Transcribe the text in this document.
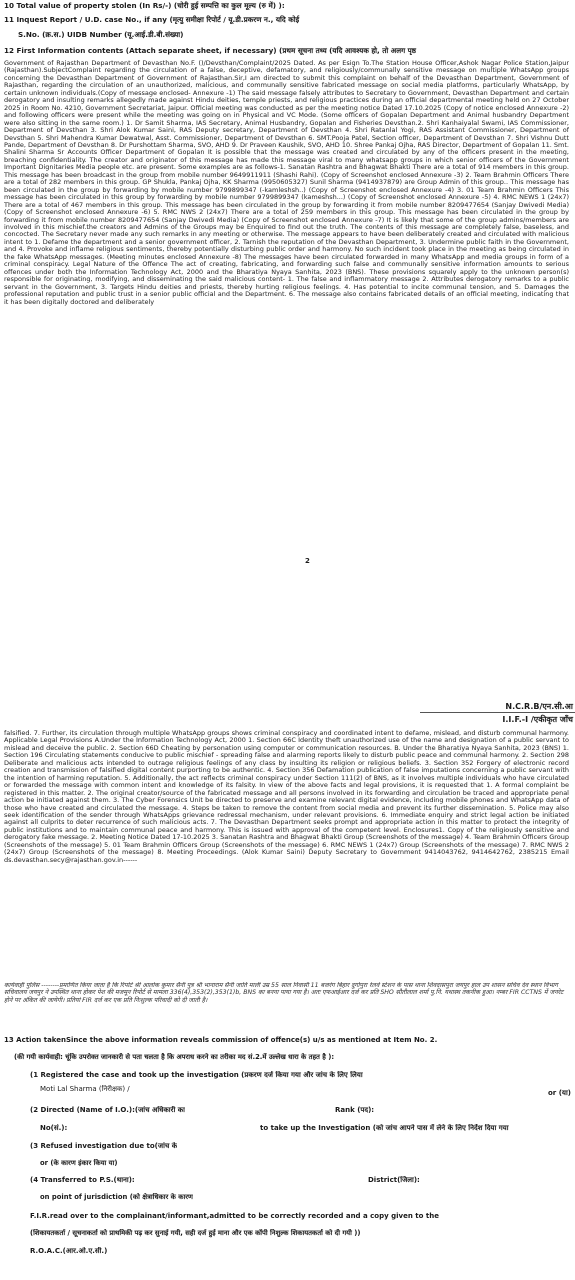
10 Total value of property stolen (In Rs/-) (चोरी हुई सम्पत्ति का कुल मूल्य (रु में) ):
11 Inquest Report / U.D. case No., if any (मृत्यु समीक्षा रिपोर्ट / यू.डी.प्रकरण न., यदि कोई
S.No. (क्र.स.) UIDB Number (यू.आई.डी.बी.संख्या)
12 First Information contents (Attach separate sheet, if necessary) (प्रथम सूचना तथ्य (यदि आवश्यक हो, तो अलग पृष्ठ

Government of Rajasthan Department of Devasthan No.F. ()/Devsthan/Complaint/2025 Dated. As per Esign To.The Station House Officer,Ashok Nagar Police Station,Jaipur (Rajasthan).SubjectComplaint regarding the circulation of a false, deceptive, defamatory, and religiously/communally sensitive message on multiple WhatsApp groups concerning the Devasthan Department of Government of Rajasthan.Sir,I am directed to submit this complaint on behalf of the Devasthan Department, Government of Rajasthan, regarding the circulation of an unauthorized, malicious, and communally sensitive fabricated message on social media platforms, particularly WhatsApp, by certain unknown individuals.(Copy of message enclosed- Annexure -1) The said message falsely attributes to Secretary to Government, Devasthan Department and certain derogatory and insulting remarks allegedly made against Hindu deities, temple priests, and religious practices during an official departmental meeting held on 27 October 2025 in Room No. 4210, Government Secretariat, Jaipur. Official meeting was conducted as per the meeting notice Dated 17.10.2025 (Copy of notice enclosed Annexure -2) and following officers were present while the meeting was going on in Physical and VC Mode. (Some officers of Gopalan Department and Animal husbandry Department were also sitting in the same room.) 1. Dr Samit Sharma, IAS Secretary, Animal Husbandry, Gopalan and Fisheries Devsthan.2. Shri Kanhaiyalal Swami, IAS Commissioner, Department of Devsthan 3. Shri Alok Kumar Saini, RAS Deputy secretary, Department of Devsthan 4. Shri Ratanlal Yogi, RAS Assistant Commissioner, Department of Devsthan 5. Shri Mahendra Kumar Dewatwal, Asst. Commissioner, Department of Devsthan 6. SMT.Pooja Patel, Section officer, Department of Devsthan 7. Shri Vishnu Dutt Pande, Department of Devsthan 8. Dr Purshottam Sharma, SVO, AHD 9. Dr Praveen Kaushik, SVO, AHD 10. Shree Pankaj Ojha, RAS Director, Department of Gopalan 11. Smt. Shalini Sharma Sr Accounts Officer Department of Gopalan It is possible that the message was created and circulated by any of the officers present in the meeting, breaching confidentiality. The creator and originator of this message has made this message viral to many whatsapp groups in which senior officers of the Government Important Dignitaries Media people etc. are present. Some examples are as follows-1. Sanatan Rashtra and Bhagwat Bhakti There are a total of 914 members in this group. This message has been broadcast in the group from mobile number 9649911911 (Shashi Rahi). (Copy of Screenshot enclosed Annexure -3) 2. Team Brahmin Officers There are a total of 282 members in this group. GP Shukla, Pankaj Ojha, KK Sharma (9950605327) Sunil Sharma (9414937879) are Group Admin of this group.. This message has been circulated in the group by forwarding by mobile number 9799899347 (-kamleshsh..) (Copy of Screenshot enclosed Annexure -4) 3. 01 Team Brahmin Officers This message has been circulated in this group by forwarding by mobile number 9799899347 (kameshsh...) (Copy of Screenshot enclosed Annexure -5) 4. RMC NEWS 1 (24x7) There are a total of 467 members in this group. This message has been circulated in the group by forwarding it from mobile number 8209477654 (Sanjay Dwivedi Media) (Copy of Screenshot enclosed Annexure -6) 5. RMC NWS 2 (24x7) There are a total of 259 members in this group. This message has been circulated in the group by forwarding it from mobile number 8209477654 (Sanjay Dwivedi Media) (Copy of Screenshot enclosed Annexure -7) It is likely that some of the group admins/members are involved in this mischief.the creators and Admins of the Groups may be Enquired to find out the truth. The contents of this message are completely false, baseless, and concocted. The Secretary never made any such remarks in any meeting or otherwise. The message appears to have been deliberately created and circulated with malicious intent to 1. Defame the department and a senior government officer, 2. Tarnish the reputation of the Devasthan Department, 3. Undermine public faith in the Government, and 4. Provoke and inflame religious sentiments, thereby potentially disturbing public order and harmony. No such incident took place in the meeting as being circulated in the fake WhatsApp messages. (Meeting minutes enclosed Annexure -8) The messages have been circulated forwarded in many WhatsApp and media groups in form of a criminal conspiracy. Legal Nature of the Offence The act of creating, fabricating, and forwarding such false and communally sensitive information amounts to serious offences under both the Information Technology Act, 2000 and the Bharatiya Nyaya Sanhita, 2023 (BNS). These provisions squarely apply to the unknown person(s) responsible for originating, modifying, and disseminating the said malicious content- 1. The false and inflammatory message 2. Attributes derogatory remarks to a public servant in the Government, 3. Targets Hindu deities and priests, thereby hurting religious feelings. 4. Has potential to incite communal tension, and 5. Damages the professional reputation and public trust in a senior public official and the Department. 6. The message also contains fabricated details of an official meeting, indicating that it has been digitally doctored and deliberately

2
N.C.R.B/एन.सी.आ
I.I.F.-I /एकीकृत जाँच

falsified. 7. Further, its circulation through multiple WhatsApp groups shows criminal conspiracy and coordinated intent to defame, mislead, and disturb communal harmony. Applicable Legal Provisions A.Under the Information Technology Act, 2000 1. Section 66C Identity theft unauthorized use of the name and designation of a public servant to mislead and deceive the public. 2. Section 66D Cheating by personation using computer or communication resources. B. Under the Bharatiya Nyaya Sanhita, 2023 (BNS) 1. Section 196 Circulating statements conducive to public mischief - spreading false and alarming reports likely to disturb public peace and communal harmony. 2. Section 298 Deliberate and malicious acts intended to outrage religious feelings of any class by insulting its religion or religious beliefs. 3. Section 352 Forgery of electronic record creation and transmission of falsified digital content purporting to be authentic. 4. Section 356 Defamation publication of false imputations concerning a public servant with the intention of harming reputation. 5. Additionally, the act reflects criminal conspiracy under Section 111(2) of BNS, as it involves multiple individuals who have circulated or forwarded the message with common intent and knowledge of its falsity. In view of the above facts and legal provisions, it is requested that 1. A formal complaint be registered in this matter. 2. The original creator/source of the fabricated message and all persons involved in its forwarding and circulation be traced and appropriate penal action be initiated against them. 3. The Cyber Forensics Unit be directed to preserve and examine relevant digital evidence, including mobile phones and WhatsApp data of those who have created and circulated the message. 4. Steps be taken to remove the content from social media and prevent its further dissemination. 5. Police may also seek identification of the sender through WhatsApps grievance redressal mechanism, under relevant provisions. 6. Immediate enquiry and strict legal action be initiated against all culprits to deter recurrence of such malicious acts. 7. The Devasthan Department seeks prompt and appropriate action in this matter to protect the integrity of public institutions and to maintain communal peace and harmony. This is issued with approval of the competent level. Enclosures1. Copy of the religiously sensitive and derogatory fake message. 2. Meeting Notice Dated 17-10.2025 3. Sanatan Rashtra and Bhagwat Bhakti Group (Screenshots of the message) 4. Team Brahmin Officers Group (Screenshots of the message) 5. 01 Team Brahmin Officers Group (Screenshots of the message) 6. RMC NEWS 1 (24x7) Group (Screenshots of the message) 7. RMC NWS 2 (24x7) Group (Screenshots of the message) 8. Meeting Proceedings. (Alok Kumar Saini) Deputy Secretary to Government 9414043762, 9414642762, 2385215 Email ds.devasthan.secy@rajasthan.gov.in------

कार्यवाही पुलिस --------प्रमाणित किया जाता है कि रिपोर्ट श्री आलोक कुमार सैनी पुत्र श्री भानाराम सैनी जाति माली उम्र 55 साल निवासी 11 बजरंग बिहार दुर्गापुरा रेलवे स्टेशन के पास थाना शिवदासपुरा जयपुर हाल उप शासन सचिव देव स्थान विभाग सचिवालय जयपुर ने उपस्थित थाना होकर पेश की मजमून रिपोर्ट से मामला 336(4),353(2),353(1)b, BNS का बनना पाया गया है। अतः एफआईआर दर्ज कर प्रति SHO सौतीलाल शर्मा पु.नि. यथास्थ तकनीक हुआ। नम्बर FIR CCTNS में जनरेट होने पर अंकित की जायेगी। प्रतियां FIR दर्ज कर एक प्रति निःशुल्क परिवादी को दी जाती है।
13 Action takenSince the above information reveals commission of offence(s) u/s as mentioned at Item No. 2.
(की गयी कार्यवाही: चूंकि उपरोक्त जानकारी से पता चलता है कि अपराध करने का तरीका मद सं.2.में उल्लेख धारा के तहत है ):
(1 Registered the case and took up the investigation (प्रकरण दर्ज किया गया और जांच के लिए लिया
Moti Lal Sharma (निरीक्षक) /	or (या)
(2 Directed (Name of I.O.):(जांच अधिकारी का	Rank (पद):
No(सं.):	to take up the Investigation (को जांच आपने पास में लेने के लिए निर्देश दिया गया
(3 Refused investigation due to(जांच के
or (के कारण इंकार किया या)
(4 Transferred to P.S.(थाना):	District(जिला):
on point of jurisdiction (को क्षेत्राधिकार के कारण
F.I.R.read over to the complainant/informant,admitted to be correctly recorded and a copy given to the
(शिकायतकर्ता / सूचनाकर्ता को प्राथमिकी पढ़ कर सुनाई गयी, सही दर्ज हुई माना और एक कॉपी निशुल्क शिकायतकर्ता को दी गयी ))
R.O.A.C.(आर.ओ.ए.सी.)
